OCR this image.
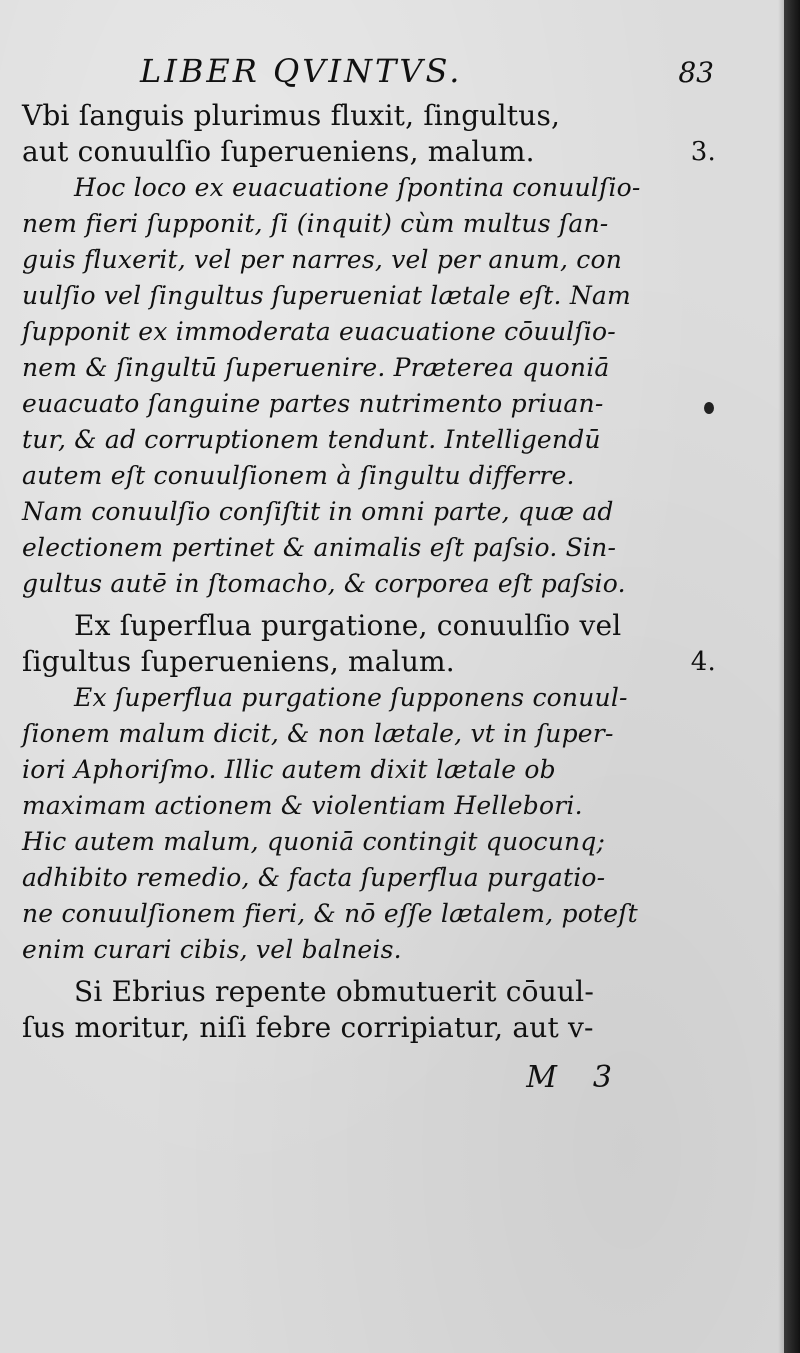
LIBER QVINTVS.	83
Vbi ſanguis plurimus fluxit, ſingultus,
aut conuulſio ſuperueniens, malum.	3.
Hoc loco ex euacuatione ſpontina conuulſio-
nem fieri ſupponit, ſi (inquit) cùm multus ſan-
guis fluxerit, vel per narres, vel per anum, con
uulſio vel ſingultus ſuperueniat lætale eſt. Nam
ſupponit ex immoderata euacuatione cōuulſio-
nem & ſingultū ſuperuenire. Præterea quoniā
euacuato ſanguine partes nutrimento priuan-
tur, & ad corruptionem tendunt. Intelligendū
autem eſt conuulſionem à ſingultu differre.
Nam conuulſio conſiſtit in omni parte, quæ ad
electionem pertinet & animalis eſt paſsio. Sin-
gultus autē in ſtomacho, & corporea eſt paſsio.
Ex ſuperflua purgatione, conuulſio vel
ſigultus ſuperueniens, malum.	4.
Ex ſuperflua purgatione ſupponens conuul-
ſionem malum dicit, & non lætale, vt in ſuper-
iori Aphoriſmo. Illic autem dixit lætale ob
maximam actionem & violentiam Hellebori.
Hic autem malum, quoniā contingit quocunq;
adhibito remedio, & facta ſuperflua purgatio-
ne conuulſionem fieri, & nō eſſe lætalem, poteſt
enim curari cibis, vel balneis.
Si Ebrius repente obmutuerit cōuul-
ſus moritur, niſi febre corripiatur, aut v-
M 3
